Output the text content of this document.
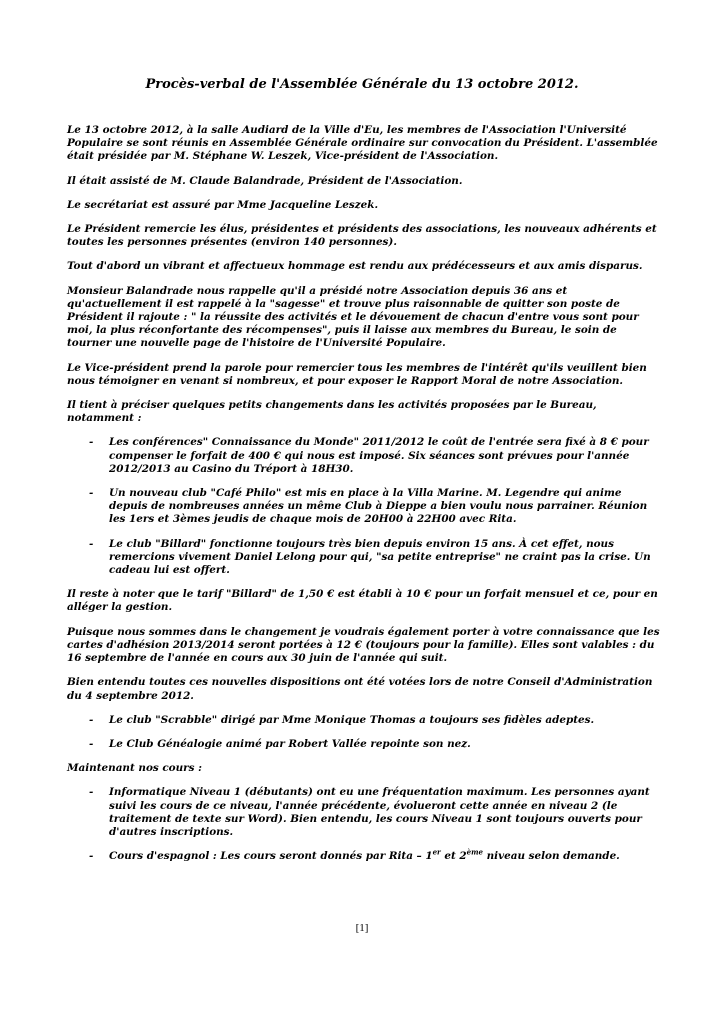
Procès-verbal de l'Assemblée Générale du 13 octobre 2012.

Le 13 octobre 2012, à la salle Audiard de la Ville d'Eu, les membres de l'Association l'Université Populaire se sont réunis en Assemblée Générale ordinaire sur convocation du Président. L'assemblée était présidée par M. Stéphane W. Leszek, Vice-président de l'Association.

Il était assisté de M. Claude Balandrade, Président de l'Association.

Le secrétariat est assuré par Mme Jacqueline Leszek.

Le Président remercie les élus, présidentes et présidents des associations, les nouveaux adhérents et toutes les personnes présentes (environ 140 personnes).

Tout d'abord un vibrant et affectueux hommage est rendu aux prédécesseurs et aux amis disparus.

Monsieur Balandrade nous rappelle qu'il a présidé notre Association depuis 36 ans et qu'actuellement il est rappelé à la "sagesse" et trouve plus raisonnable de quitter son poste de Président il rajoute : " la réussite des activités et le dévouement de chacun d'entre vous sont pour moi, la plus réconfortante des récompenses", puis il laisse aux membres du Bureau, le soin de tourner une nouvelle page de l'histoire de l'Université Populaire.

Le Vice-président prend la parole pour remercier tous les membres de l'intérêt qu'ils veuillent bien nous témoigner en venant si nombreux, et pour exposer le Rapport Moral de notre Association.

Il tient à préciser quelques petits changements dans les activités proposées par le Bureau, notamment :

- Les conférences" Connaissance du Monde" 2011/2012 le coût de l'entrée sera fixé à 8 € pour compenser le forfait de 400 € qui nous est imposé. Six séances sont prévues pour l'année 2012/2013 au Casino du Tréport à 18H30.
- Un nouveau club "Café Philo" est mis en place à la Villa Marine. M. Legendre qui anime depuis de nombreuses années un même Club à Dieppe a bien voulu nous parrainer. Réunion les 1ers et 3èmes jeudis de chaque mois de 20H00 à 22H00 avec Rita.
- Le club "Billard" fonctionne toujours très bien depuis environ 15 ans. À cet effet, nous remercions vivement Daniel Lelong pour qui, "sa petite entreprise" ne craint pas la crise. Un cadeau lui est offert.

Il reste à noter que le tarif "Billard" de 1,50 € est établi à 10 € pour un forfait mensuel et ce, pour en alléger la gestion.

Puisque nous sommes dans le changement je voudrais également porter à votre connaissance que les cartes d'adhésion 2013/2014 seront portées à 12 € (toujours pour la famille). Elles sont valables : du 16 septembre de l'année en cours aux 30 juin de l'année qui suit.

Bien entendu toutes ces nouvelles dispositions ont été votées lors de notre Conseil d'Administration du 4 septembre 2012.

- Le club "Scrabble" dirigé par Mme Monique Thomas a toujours ses fidèles adeptes.
- Le Club Généalogie animé par Robert Vallée repointe son nez.

Maintenant nos cours :

- Informatique Niveau 1 (débutants) ont eu une fréquentation maximum. Les personnes ayant suivi les cours de ce niveau, l'année précédente, évolueront cette année en niveau 2 (le traitement de texte sur Word). Bien entendu, les cours Niveau 1 sont toujours ouverts pour d'autres inscriptions.
- Cours d'espagnol : Les cours seront donnés par Rita – 1er et 2ème niveau selon demande.
[1]
